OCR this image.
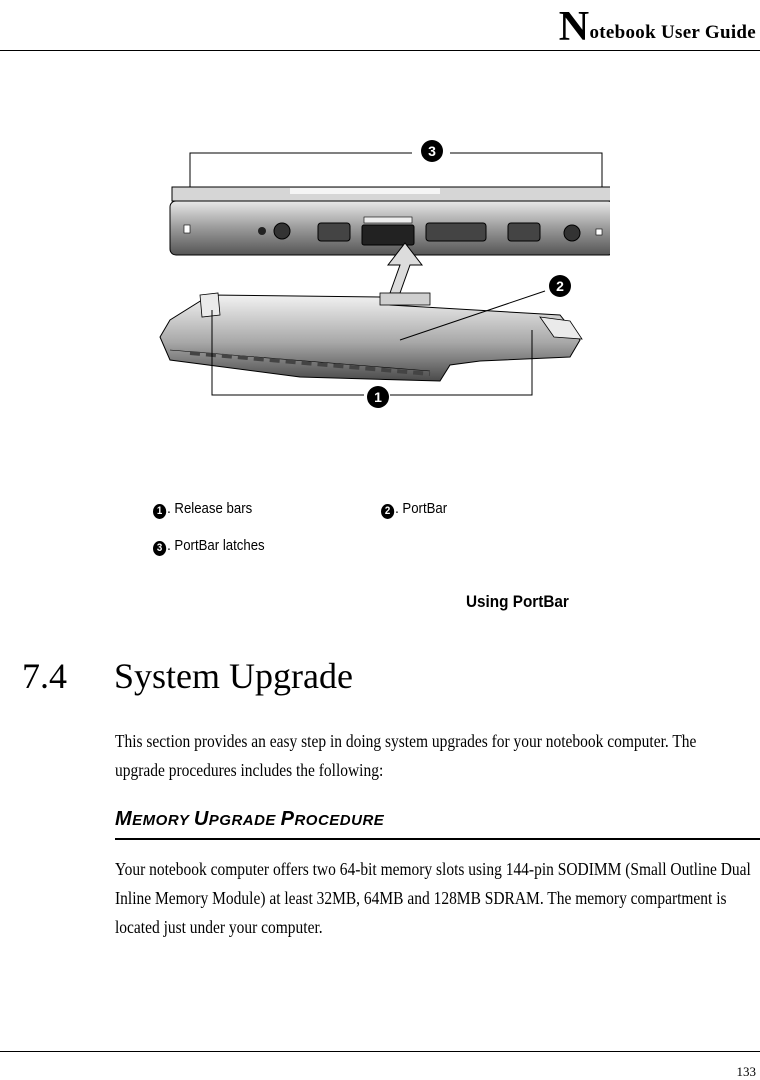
Notebook User Guide
3
2
1
1 . Release bars	2 . PortBar
3 . PortBar latches
Using PortBar
7.4 System Upgrade

This section provides an easy step in doing system upgrades for your notebook computer. The upgrade procedures includes the following:

MEMORY UPGRADE PROCEDURE

Your notebook computer offers two 64-bit memory slots using 144-pin SODIMM (Small Outline Dual Inline Memory Module) at least 32MB, 64MB and 128MB SDRAM. The memory compartment is located just under your computer.

133
